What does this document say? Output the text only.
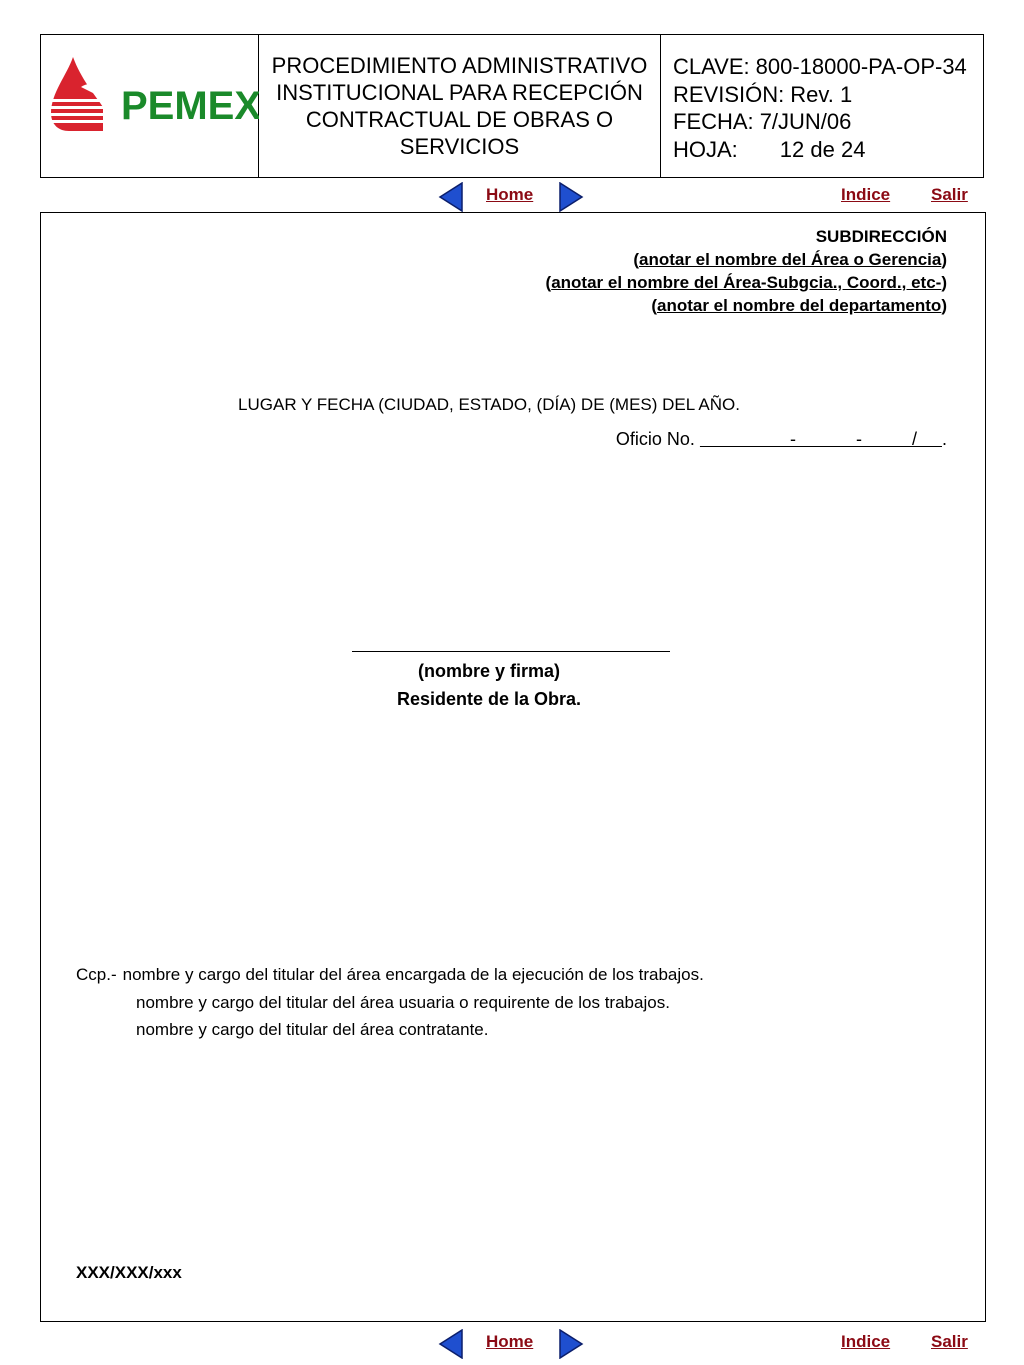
PEMEX
PROCEDIMIENTO ADMINISTRATIVO
INSTITUCIONAL PARA RECEPCIÓN
CONTRACTUAL DE OBRAS O
SERVICIOS
CLAVE: 800-18000-PA-OP-34
REVISIÓN: Rev. 1
FECHA: 7/JUN/06
HOJA: 12 de 24
Home	Indice Salir
SUBDIRECCIÓN
(anotar el nombre del Área o Gerencia)
(anotar el nombre del Área-Subgcia., Coord., etc-)
(anotar el nombre del departamento)
LUGAR Y FECHA (CIUDAD, ESTADO, (DÍA) DE (MES) DEL AÑO.
Oficio No.                   -            -          /     .
(nombre y firma)
Residente de la Obra.
Ccp.- nombre y cargo del titular del área encargada de la ejecución de los trabajos.
nombre y cargo del titular del área usuaria o requirente de los trabajos.
nombre y cargo del titular del área contratante.
XXX/XXX/xxx
Home	Indice Salir
